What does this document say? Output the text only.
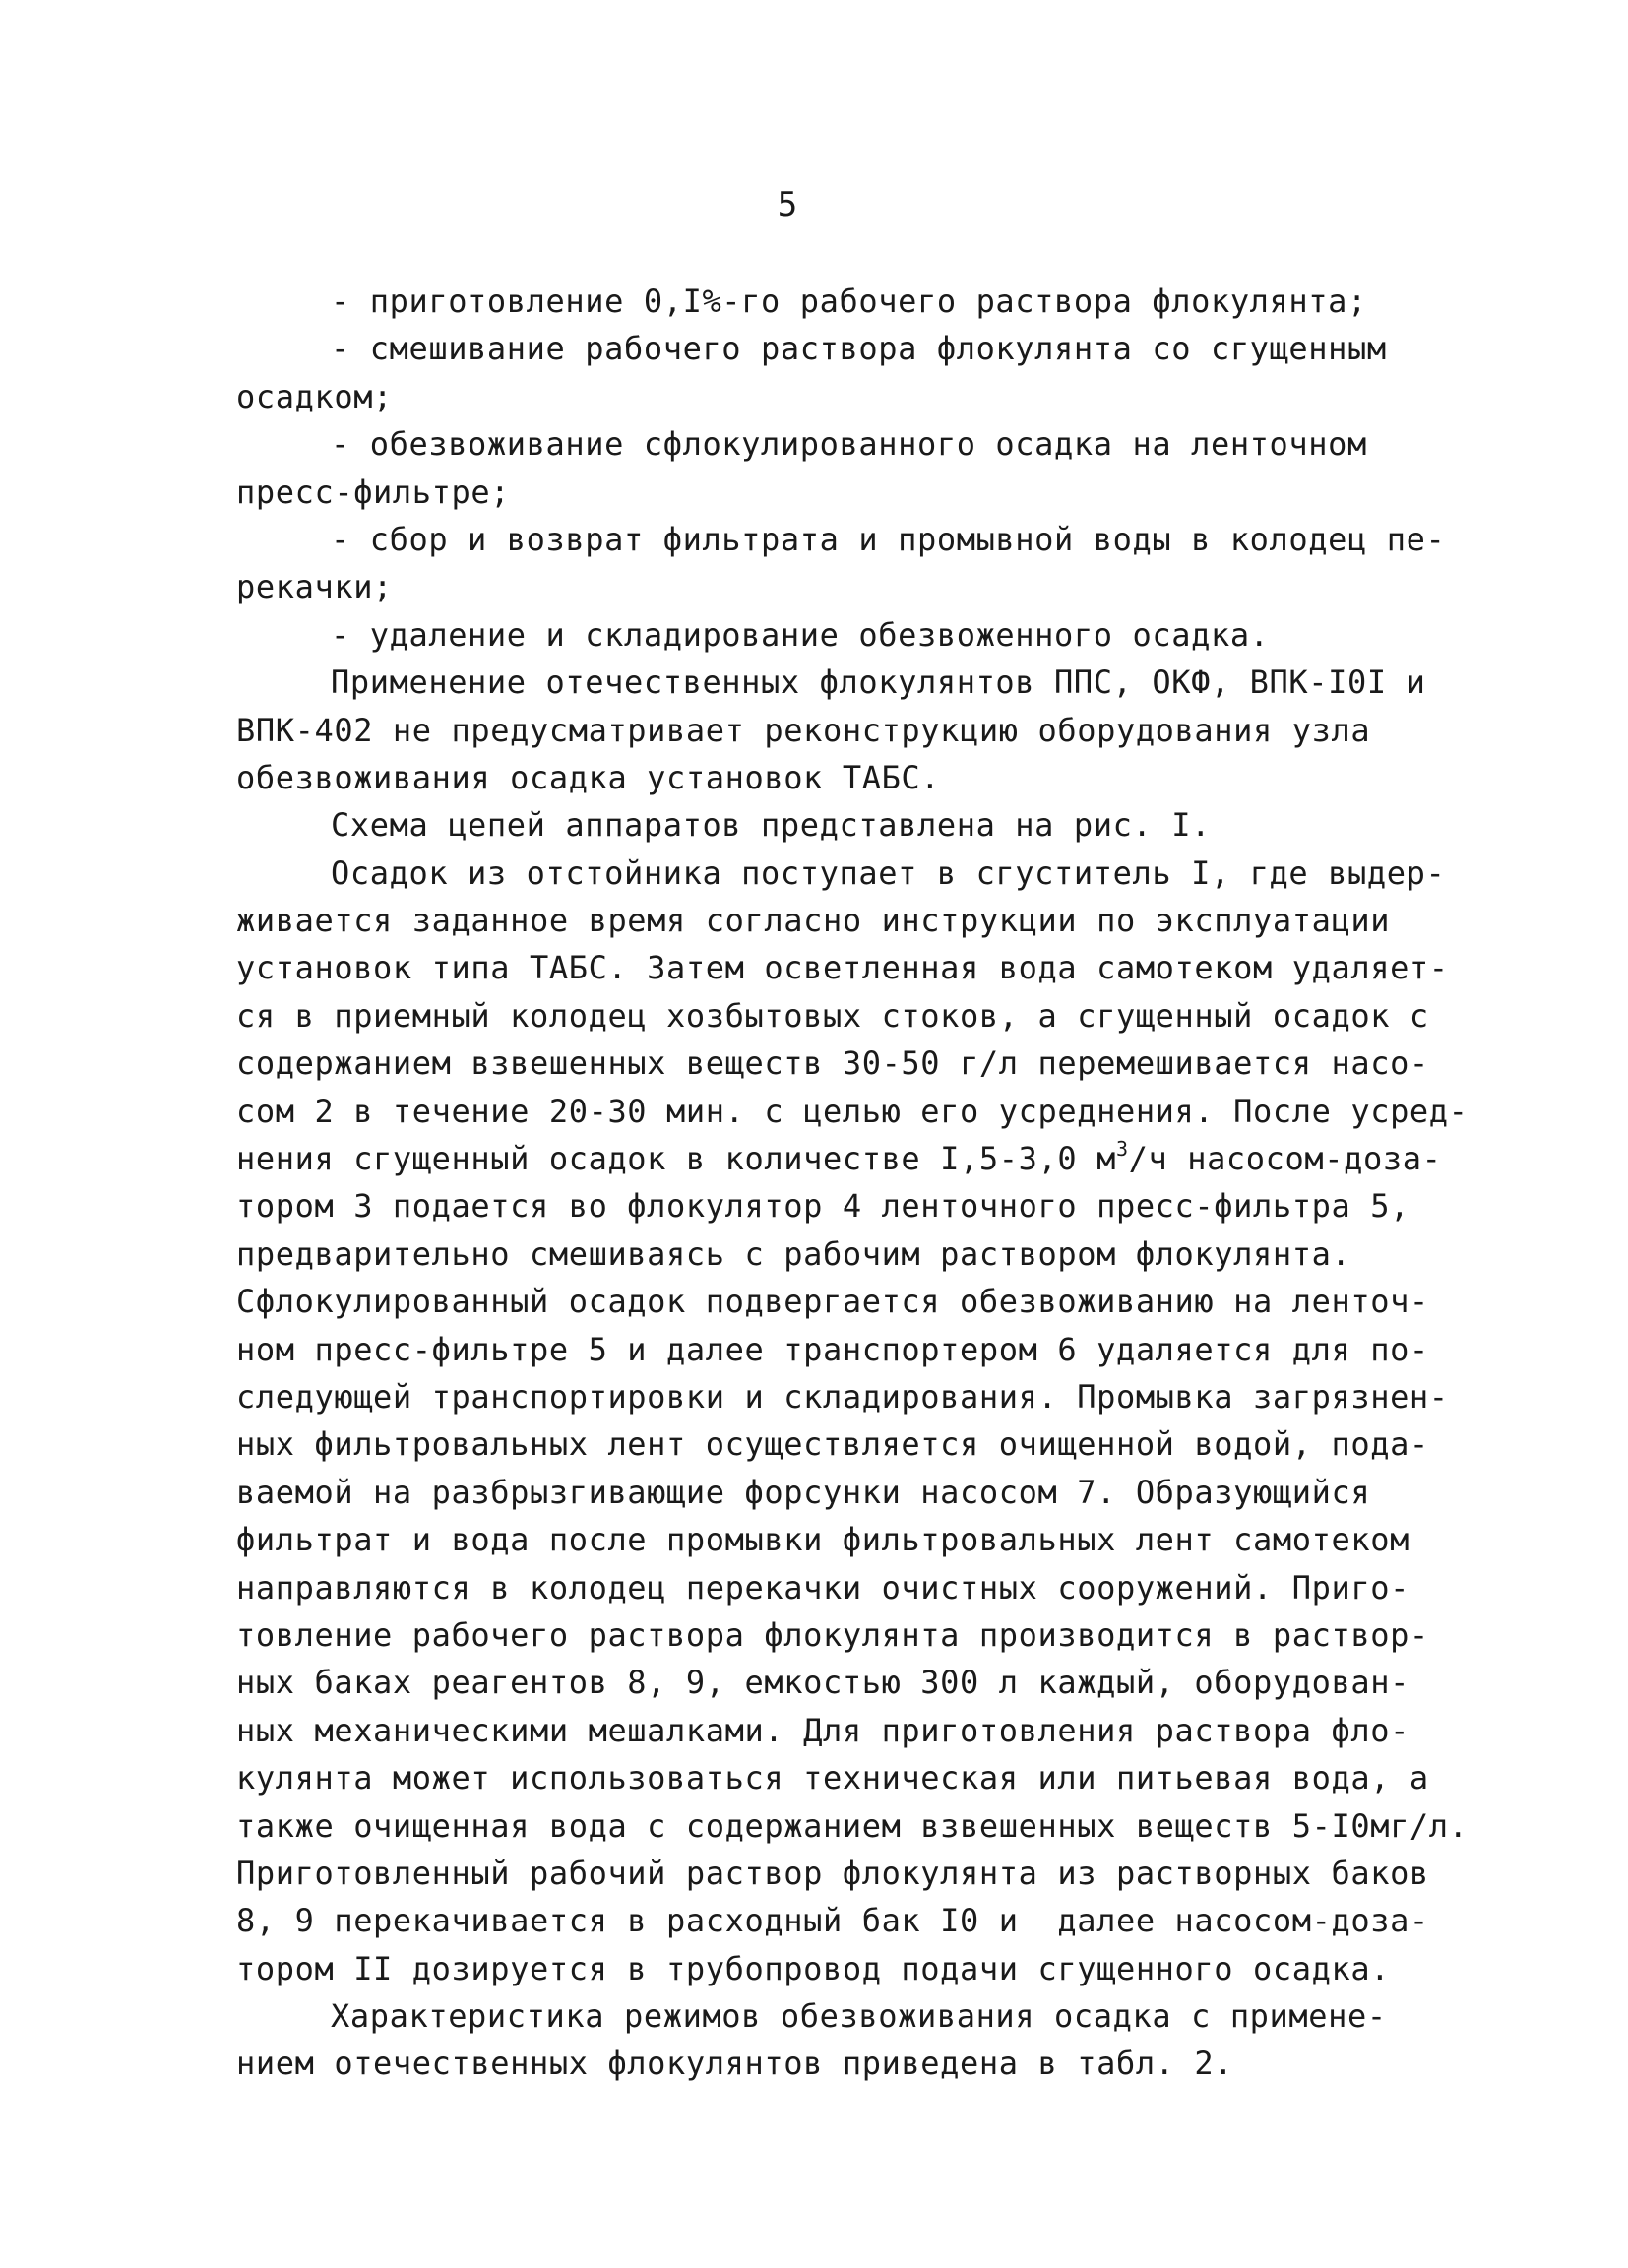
5
- приготовление 0,I%-го рабочего раствора флокулянта;
- смешивание рабочего раствора флокулянта со сгущенным
осадком;
- обезвоживание сфлокулированного осадка на ленточном
пресс-фильтре;
- сбор и возврат фильтрата и промывной воды в колодец пе-
рекачки;
- удаление и складирование обезвоженного осадка.
Применение отечественных флокулянтов ППС, ОКФ, ВПК-I0I и
ВПК-402 не предусматривает реконструкцию оборудования узла
обезвоживания осадка установок ТАБС.
Схема цепей аппаратов представлена на рис. I.
Осадок из отстойника поступает в сгуститель I, где выдер-
живается заданное время согласно инструкции по эксплуатации
установок типа ТАБС. Затем осветленная вода самотеком удаляет-
ся в приемный колодец хозбытовых стоков, а сгущенный осадок с
содержанием взвешенных веществ 30-50 г/л перемешивается насо-
сом 2 в течение 20-30 мин. с целью его усреднения. После усред-
нения сгущенный осадок в количестве I,5-3,0 $м^3/ч$ насосом-доза-
тором 3 подается во флокулятор 4 ленточного пресс-фильтра 5,
предварительно смешиваясь с рабочим раствором флокулянта.
Сфлокулированный осадок подвергается обезвоживанию на ленточ-
ном пресс-фильтре 5 и далее транспортером 6 удаляется для по-
следующей транспортировки и складирования. Промывка загрязнен-
ных фильтровальных лент осуществляется очищенной водой, пода-
ваемой на разбрызгивающие форсунки насосом 7. Образующийся
фильтрат и вода после промывки фильтровальных лент самотеком
направляются в колодец перекачки очистных сооружений. Приго-
товление рабочего раствора флокулянта производится в раствор-
ных баках реагентов 8, 9, емкостью 300 л каждый, оборудован-
ных механическими мешалками. Для приготовления раствора фло-
кулянта может использоваться техническая или питьевая вода, а
также очищенная вода с содержанием взвешенных веществ 5-I0мг/л.
Приготовленный рабочий раствор флокулянта из растворных баков
8, 9 перекачивается в расходный бак I0 и  далее насосом-доза-
тором II дозируется в трубопровод подачи сгущенного осадка.
Характеристика режимов обезвоживания осадка с примене-
нием отечественных флокулянтов приведена в табл. 2.
